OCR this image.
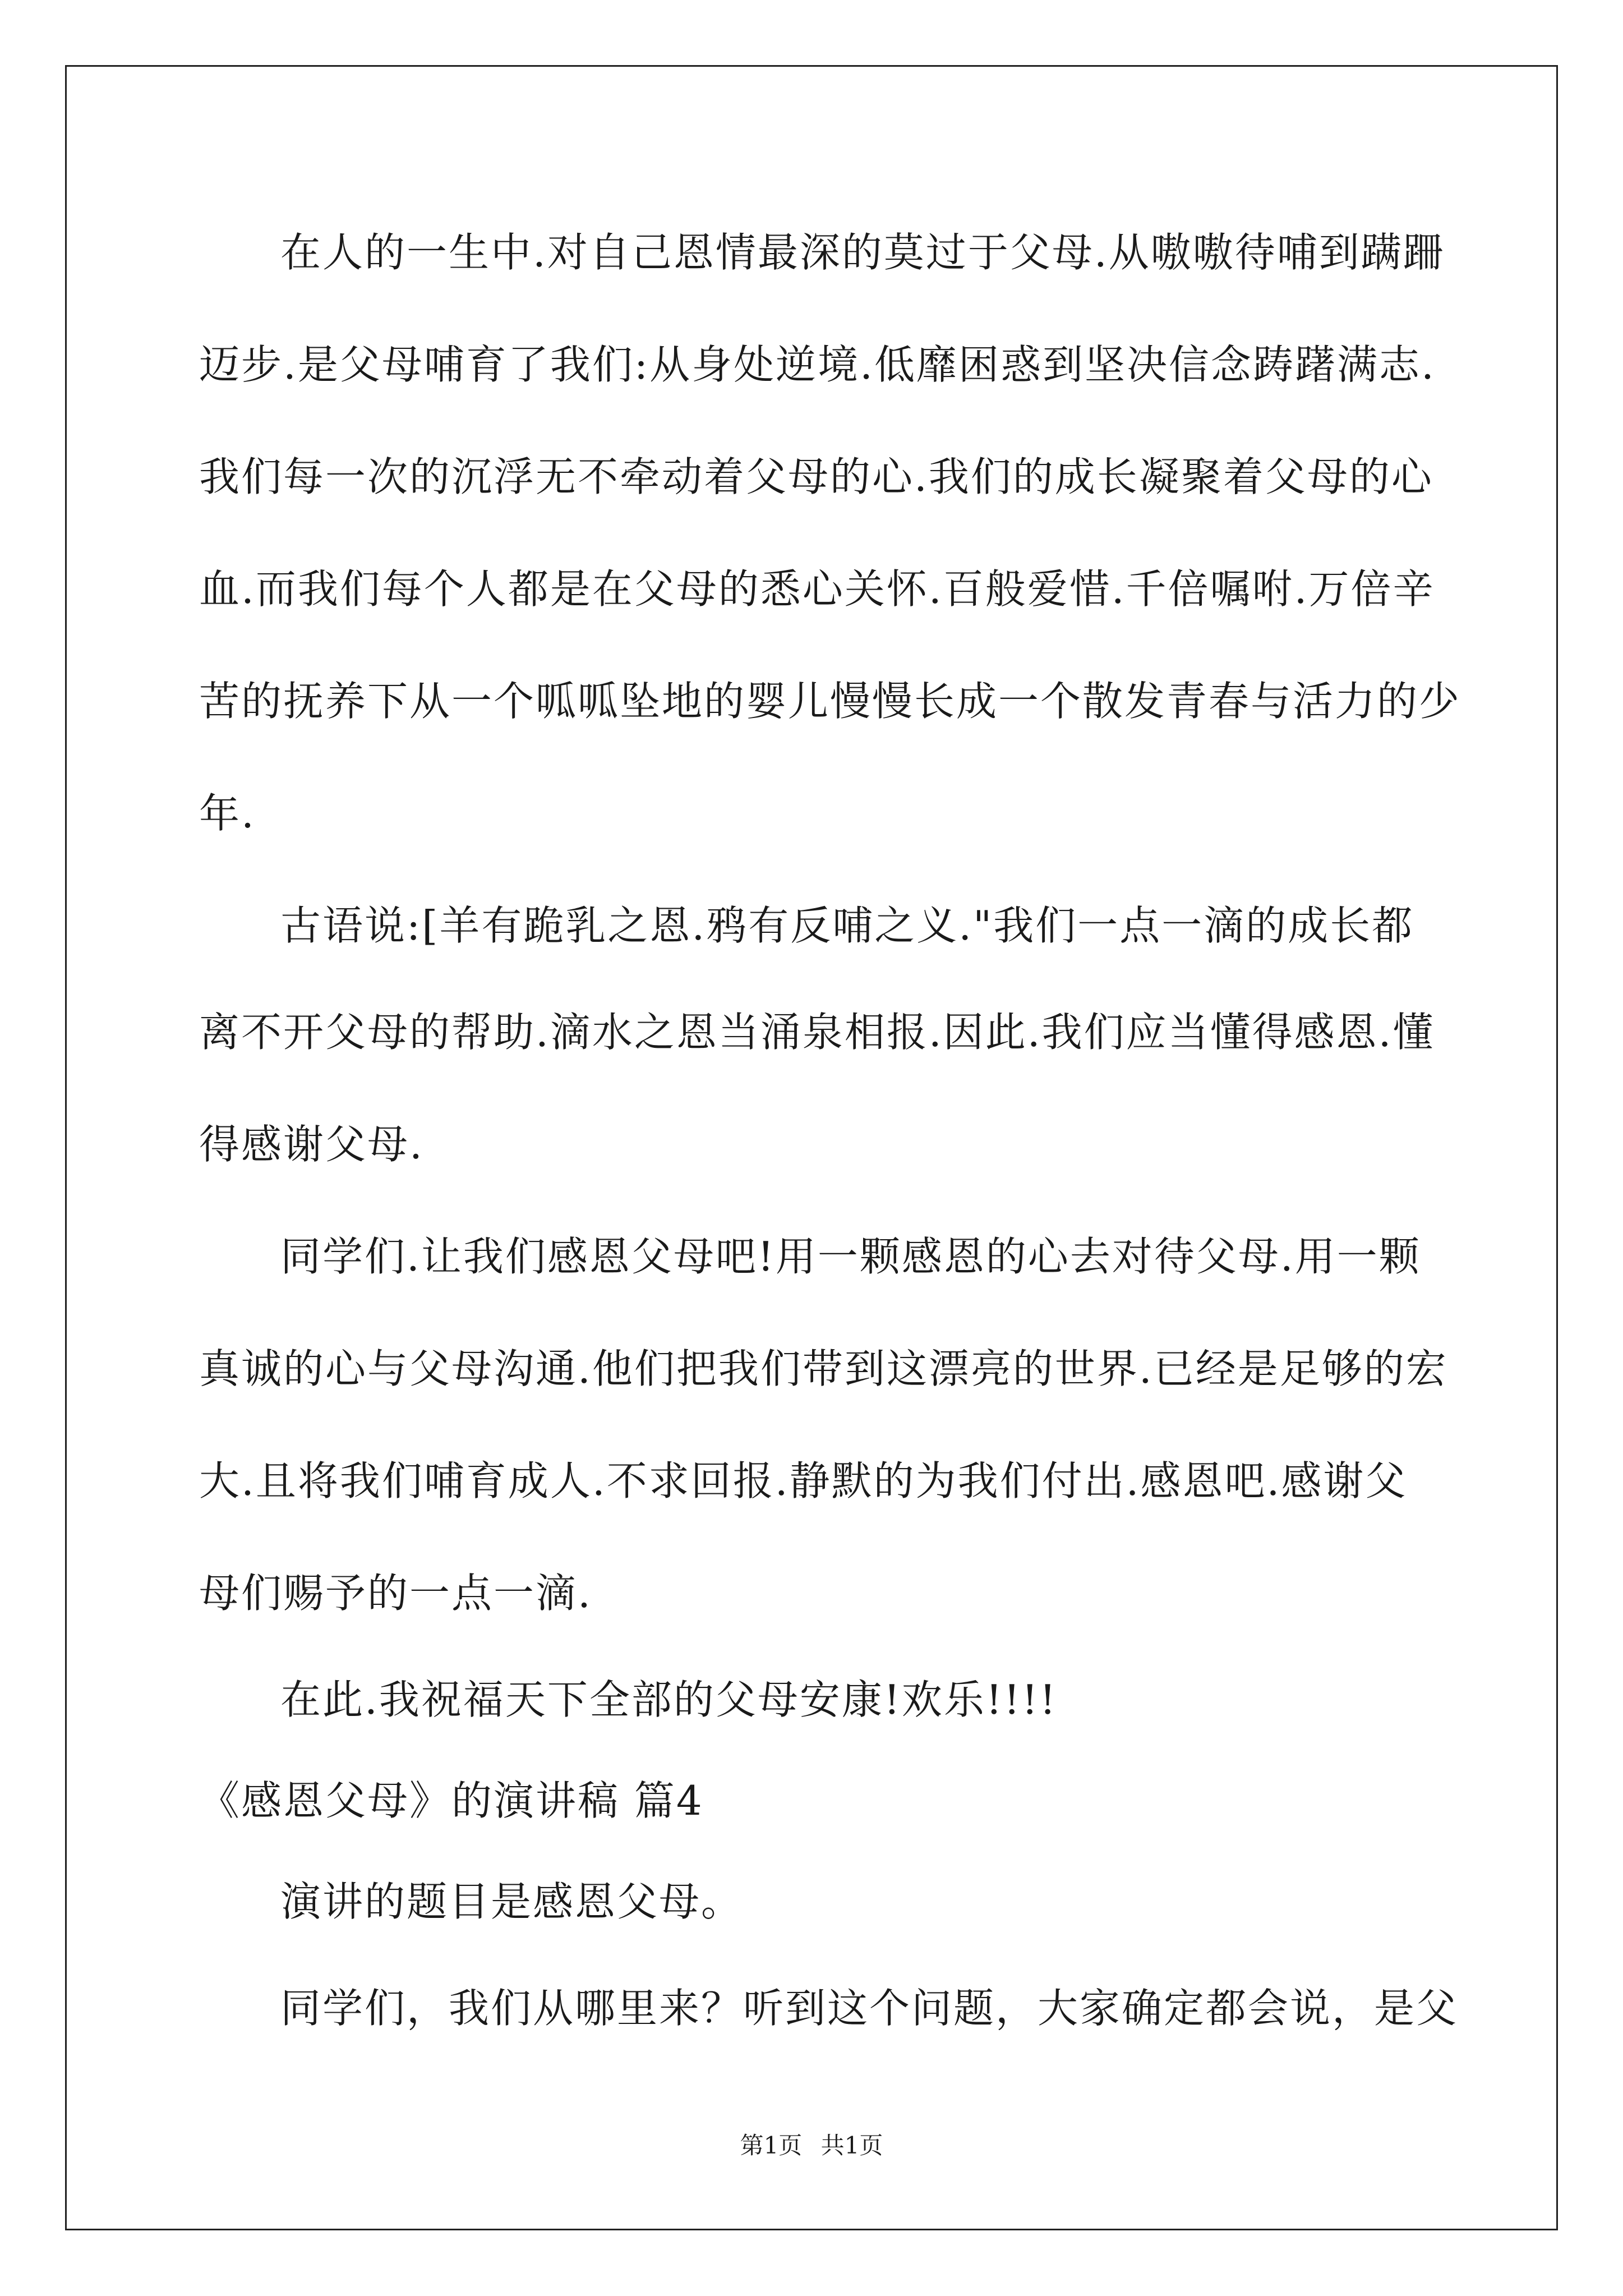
在人的一生中.对自己恩情最深的莫过于父母.从嗷嗷待哺到蹒跚
迈步.是父母哺育了我们:从身处逆境.低靡困惑到坚决信念踌躇满志.
我们每一次的沉浮无不牵动着父母的心.我们的成长凝聚着父母的心
血.而我们每个人都是在父母的悉心关怀.百般爱惜.千倍嘱咐.万倍辛
苦的抚养下从一个呱呱坠地的婴儿慢慢长成一个散发青春与活力的少
年.
古语说:[羊有跪乳之恩.鸦有反哺之义."我们一点一滴的成长都
离不开父母的帮助.滴水之恩当涌泉相报.因此.我们应当懂得感恩.懂
得感谢父母.
同学们.让我们感恩父母吧!用一颗感恩的心去对待父母.用一颗
真诚的心与父母沟通.他们把我们带到这漂亮的世界.已经是足够的宏
大.且将我们哺育成人.不求回报.静默的为我们付出.感恩吧.感谢父
母们赐予的一点一滴.
在此.我祝福天下全部的父母安康!欢乐!!!!
《感恩父母》的演讲稿 篇4
演讲的题目是感恩父母。
同学们，我们从哪里来？听到这个问题，大家确定都会说，是父
第1页 共1页
